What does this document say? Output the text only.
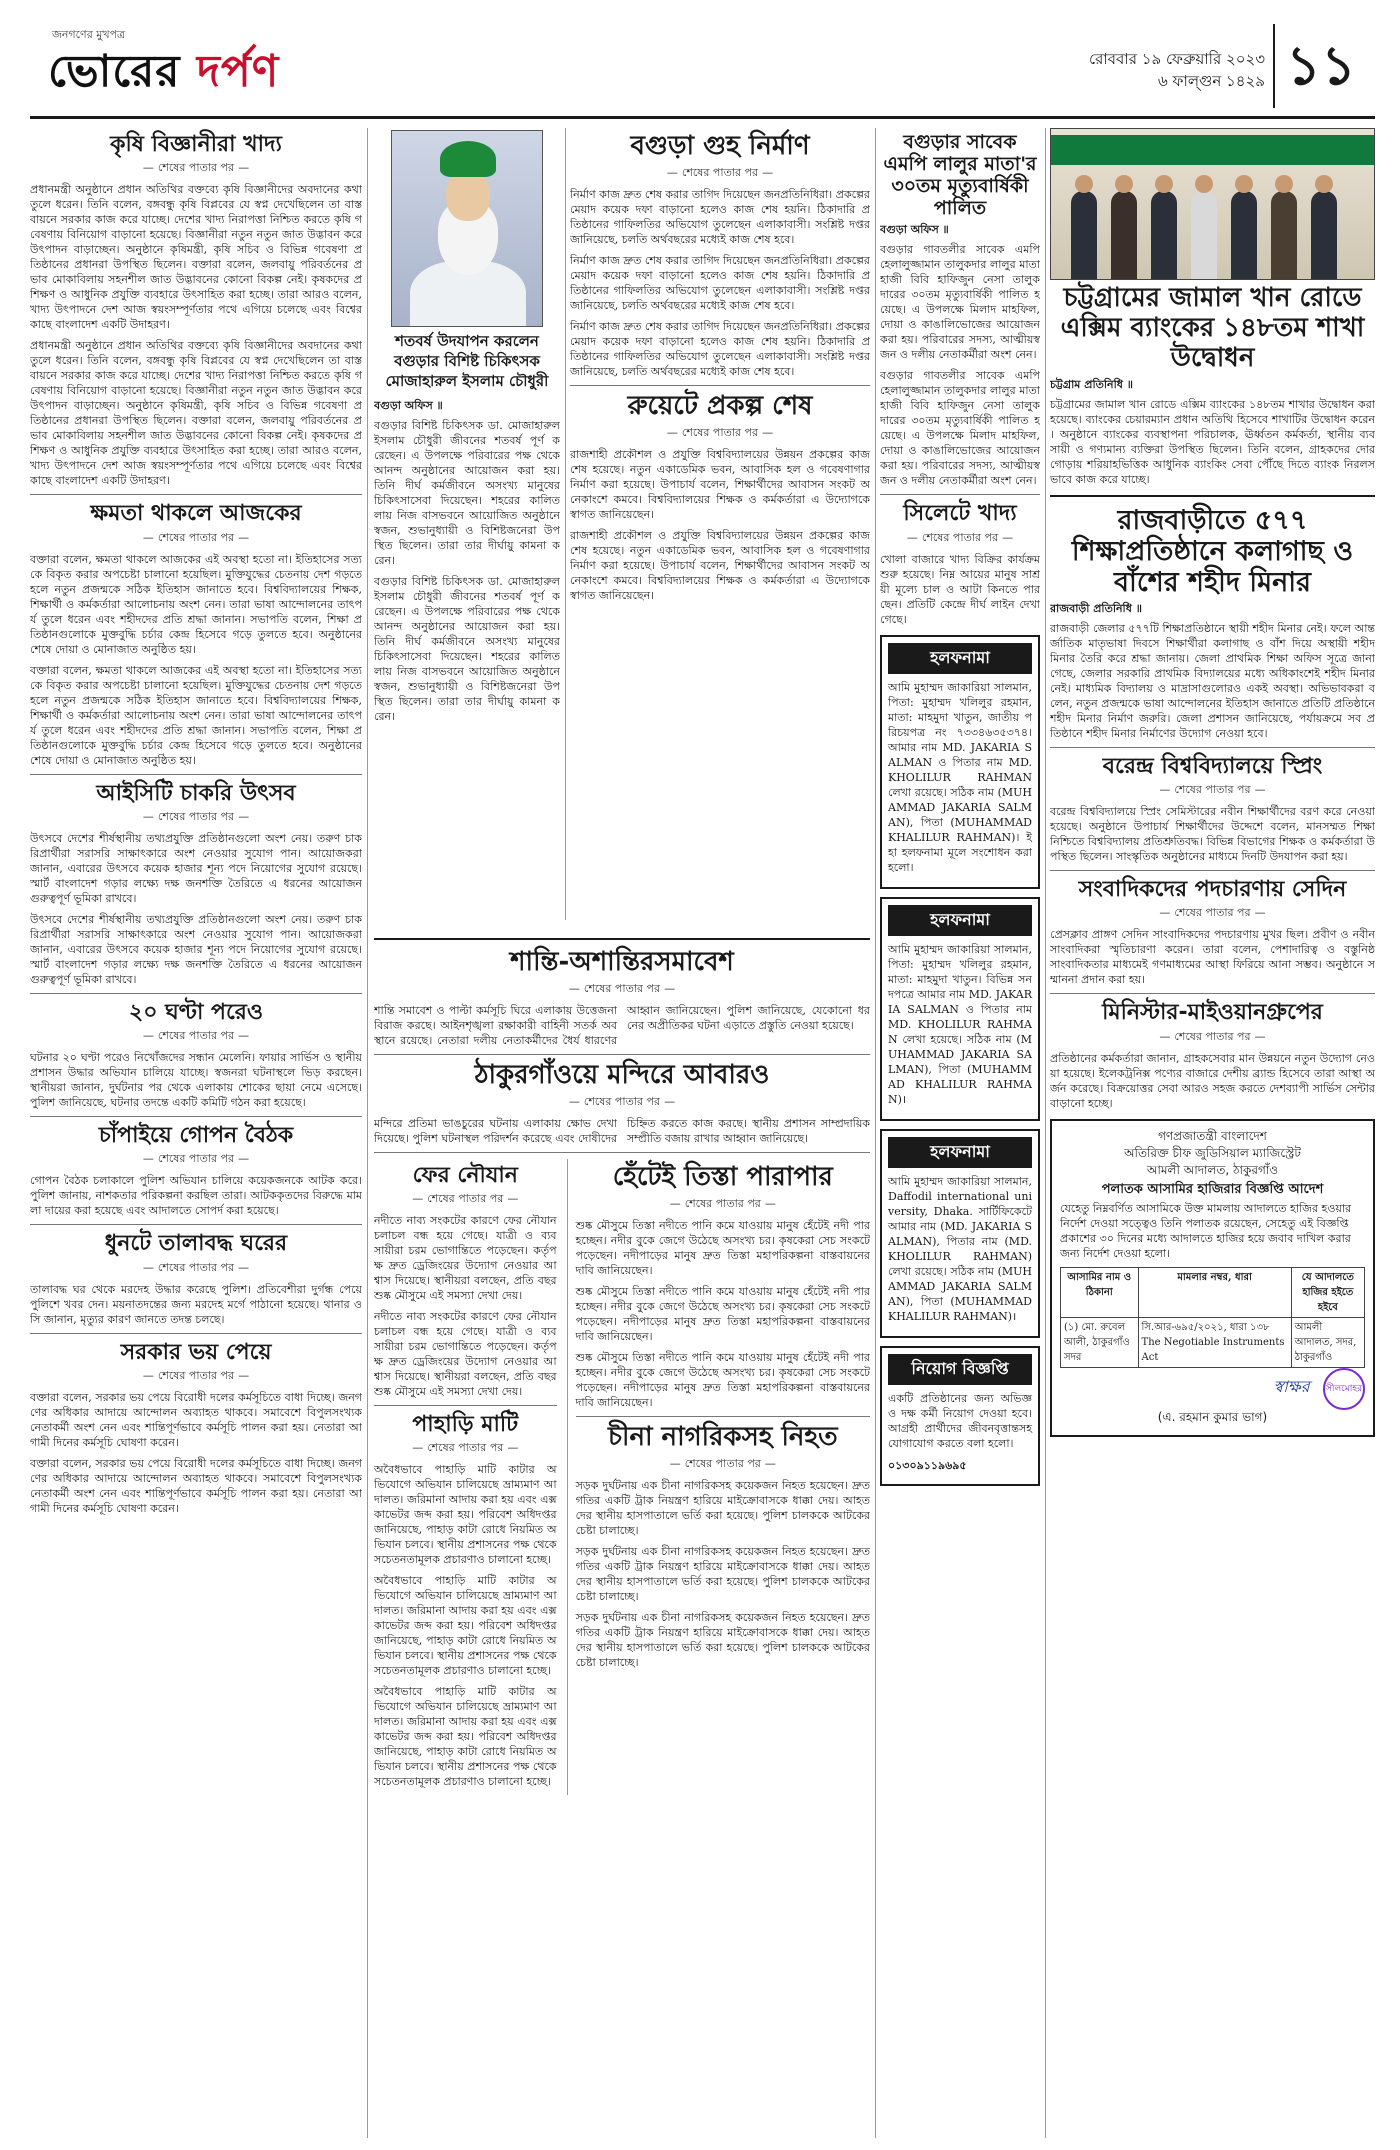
জনগণের মুখপত্র
ভোরের দর্পণ	রোববার ১৯ ফেব্রুয়ারি ২০২৩
৬ ফাল্গুন ১৪২৯ ১১
কৃষি বিজ্ঞানীরা খাদ্য
— শেষের পাতার পর —

প্রধানমন্ত্রী অনুষ্ঠানে প্রধান অতিথির বক্তব্যে কৃষি বিজ্ঞানীদের অবদানের কথা তুলে ধরেন। তিনি বলেন, বঙ্গবন্ধু কৃষি বিপ্লবের যে স্বপ্ন দেখেছিলেন তা বাস্তবায়নে সরকার কাজ করে যাচ্ছে। দেশের খাদ্য নিরাপত্তা নিশ্চিত করতে কৃষি গবেষণায় বিনিয়োগ বাড়ানো হয়েছে। বিজ্ঞানীরা নতুন নতুন জাত উদ্ভাবন করে উৎপাদন বাড়াচ্ছেন। অনুষ্ঠানে কৃষিমন্ত্রী, কৃষি সচিব ও বিভিন্ন গবেষণা প্রতিষ্ঠানের প্রধানরা উপস্থিত ছিলেন। বক্তারা বলেন, জলবায়ু পরিবর্তনের প্রভাব মোকাবিলায় সহনশীল জাত উদ্ভাবনের কোনো বিকল্প নেই। কৃষকদের প্রশিক্ষণ ও আধুনিক প্রযুক্তি ব্যবহারে উৎসাহিত করা হচ্ছে। তারা আরও বলেন, খাদ্য উৎপাদনে দেশ আজ স্বয়ংসম্পূর্ণতার পথে এগিয়ে চলেছে এবং বিশ্বের কাছে বাংলাদেশ একটি উদাহরণ।

প্রধানমন্ত্রী অনুষ্ঠানে প্রধান অতিথির বক্তব্যে কৃষি বিজ্ঞানীদের অবদানের কথা তুলে ধরেন। তিনি বলেন, বঙ্গবন্ধু কৃষি বিপ্লবের যে স্বপ্ন দেখেছিলেন তা বাস্তবায়নে সরকার কাজ করে যাচ্ছে। দেশের খাদ্য নিরাপত্তা নিশ্চিত করতে কৃষি গবেষণায় বিনিয়োগ বাড়ানো হয়েছে। বিজ্ঞানীরা নতুন নতুন জাত উদ্ভাবন করে উৎপাদন বাড়াচ্ছেন। অনুষ্ঠানে কৃষিমন্ত্রী, কৃষি সচিব ও বিভিন্ন গবেষণা প্রতিষ্ঠানের প্রধানরা উপস্থিত ছিলেন। বক্তারা বলেন, জলবায়ু পরিবর্তনের প্রভাব মোকাবিলায় সহনশীল জাত উদ্ভাবনের কোনো বিকল্প নেই। কৃষকদের প্রশিক্ষণ ও আধুনিক প্রযুক্তি ব্যবহারে উৎসাহিত করা হচ্ছে। তারা আরও বলেন, খাদ্য উৎপাদনে দেশ আজ স্বয়ংসম্পূর্ণতার পথে এগিয়ে চলেছে এবং বিশ্বের কাছে বাংলাদেশ একটি উদাহরণ।

ক্ষমতা থাকলে আজকের
— শেষের পাতার পর —

বক্তারা বলেন, ক্ষমতা থাকলে আজকের এই অবস্থা হতো না। ইতিহাসের সত্যকে বিকৃত করার অপচেষ্টা চালানো হয়েছিল। মুক্তিযুদ্ধের চেতনায় দেশ গড়তে হলে নতুন প্রজন্মকে সঠিক ইতিহাস জানাতে হবে। বিশ্ববিদ্যালয়ের শিক্ষক, শিক্ষার্থী ও কর্মকর্তারা আলোচনায় অংশ নেন। তারা ভাষা আন্দোলনের তাৎপর্য তুলে ধরেন এবং শহীদদের প্রতি শ্রদ্ধা জানান। সভাপতি বলেন, শিক্ষা প্রতিষ্ঠানগুলোকে মুক্তবুদ্ধি চর্চার কেন্দ্র হিসেবে গড়ে তুলতে হবে। অনুষ্ঠানের শেষে দোয়া ও মোনাজাত অনুষ্ঠিত হয়।

বক্তারা বলেন, ক্ষমতা থাকলে আজকের এই অবস্থা হতো না। ইতিহাসের সত্যকে বিকৃত করার অপচেষ্টা চালানো হয়েছিল। মুক্তিযুদ্ধের চেতনায় দেশ গড়তে হলে নতুন প্রজন্মকে সঠিক ইতিহাস জানাতে হবে। বিশ্ববিদ্যালয়ের শিক্ষক, শিক্ষার্থী ও কর্মকর্তারা আলোচনায় অংশ নেন। তারা ভাষা আন্দোলনের তাৎপর্য তুলে ধরেন এবং শহীদদের প্রতি শ্রদ্ধা জানান। সভাপতি বলেন, শিক্ষা প্রতিষ্ঠানগুলোকে মুক্তবুদ্ধি চর্চার কেন্দ্র হিসেবে গড়ে তুলতে হবে। অনুষ্ঠানের শেষে দোয়া ও মোনাজাত অনুষ্ঠিত হয়।

আইসিটি চাকরি উৎসব
— শেষের পাতার পর —

উৎসবে দেশের শীর্ষস্থানীয় তথ্যপ্রযুক্তি প্রতিষ্ঠানগুলো অংশ নেয়। তরুণ চাকরিপ্রার্থীরা সরাসরি সাক্ষাৎকারে অংশ নেওয়ার সুযোগ পান। আয়োজকরা জানান, এবারের উৎসবে কয়েক হাজার শূন্য পদে নিয়োগের সুযোগ রয়েছে। স্মার্ট বাংলাদেশ গড়ার লক্ষ্যে দক্ষ জনশক্তি তৈরিতে এ ধরনের আয়োজন গুরুত্বপূর্ণ ভূমিকা রাখবে।

উৎসবে দেশের শীর্ষস্থানীয় তথ্যপ্রযুক্তি প্রতিষ্ঠানগুলো অংশ নেয়। তরুণ চাকরিপ্রার্থীরা সরাসরি সাক্ষাৎকারে অংশ নেওয়ার সুযোগ পান। আয়োজকরা জানান, এবারের উৎসবে কয়েক হাজার শূন্য পদে নিয়োগের সুযোগ রয়েছে। স্মার্ট বাংলাদেশ গড়ার লক্ষ্যে দক্ষ জনশক্তি তৈরিতে এ ধরনের আয়োজন গুরুত্বপূর্ণ ভূমিকা রাখবে।

২০ ঘণ্টা পরেও
— শেষের পাতার পর —

ঘটনার ২০ ঘণ্টা পরেও নিখোঁজদের সন্ধান মেলেনি। ফায়ার সার্ভিস ও স্থানীয় প্রশাসন উদ্ধার অভিযান চালিয়ে যাচ্ছে। স্বজনরা ঘটনাস্থলে ভিড় করছেন। স্থানীয়রা জানান, দুর্ঘটনার পর থেকে এলাকায় শোকের ছায়া নেমে এসেছে। পুলিশ জানিয়েছে, ঘটনার তদন্তে একটি কমিটি গঠন করা হয়েছে।

চাঁপাইয়ে গোপন বৈঠক
— শেষের পাতার পর —

গোপন বৈঠক চলাকালে পুলিশ অভিযান চালিয়ে কয়েকজনকে আটক করে। পুলিশ জানায়, নাশকতার পরিকল্পনা করছিল তারা। আটককৃতদের বিরুদ্ধে মামলা দায়ের করা হয়েছে এবং আদালতে সোপর্দ করা হয়েছে।

ধুনটে তালাবদ্ধ ঘরের
— শেষের পাতার পর —

তালাবদ্ধ ঘর থেকে মরদেহ উদ্ধার করেছে পুলিশ। প্রতিবেশীরা দুর্গন্ধ পেয়ে পুলিশে খবর দেন। ময়নাতদন্তের জন্য মরদেহ মর্গে পাঠানো হয়েছে। থানার ওসি জানান, মৃত্যুর কারণ জানতে তদন্ত চলছে।

সরকার ভয় পেয়ে
— শেষের পাতার পর —

বক্তারা বলেন, সরকার ভয় পেয়ে বিরোধী দলের কর্মসূচিতে বাধা দিচ্ছে। জনগণের অধিকার আদায়ে আন্দোলন অব্যাহত থাকবে। সমাবেশে বিপুলসংখ্যক নেতাকর্মী অংশ নেন এবং শান্তিপূর্ণভাবে কর্মসূচি পালন করা হয়। নেতারা আগামী দিনের কর্মসূচি ঘোষণা করেন।

বক্তারা বলেন, সরকার ভয় পেয়ে বিরোধী দলের কর্মসূচিতে বাধা দিচ্ছে। জনগণের অধিকার আদায়ে আন্দোলন অব্যাহত থাকবে। সমাবেশে বিপুলসংখ্যক নেতাকর্মী অংশ নেন এবং শান্তিপূর্ণভাবে কর্মসূচি পালন করা হয়। নেতারা আগামী দিনের কর্মসূচি ঘোষণা করেন।

শতবর্ষ উদযাপন করলেন বগুড়ার বিশিষ্ট চিকিৎসক মোজাহারুল ইসলাম চৌধুরী
বগুড়া অফিস ॥

বগুড়ার বিশিষ্ট চিকিৎসক ডা. মোজাহারুল ইসলাম চৌধুরী জীবনের শতবর্ষ পূর্ণ করেছেন। এ উপলক্ষে পরিবারের পক্ষ থেকে আনন্দ অনুষ্ঠানের আয়োজন করা হয়। তিনি দীর্ঘ কর্মজীবনে অসংখ্য মানুষের চিকিৎসাসেবা দিয়েছেন। শহরের কালিতলায় নিজ বাসভবনে আয়োজিত অনুষ্ঠানে স্বজন, শুভানুধ্যায়ী ও বিশিষ্টজনেরা উপস্থিত ছিলেন। তারা তার দীর্ঘায়ু কামনা করেন।

বগুড়ার বিশিষ্ট চিকিৎসক ডা. মোজাহারুল ইসলাম চৌধুরী জীবনের শতবর্ষ পূর্ণ করেছেন। এ উপলক্ষে পরিবারের পক্ষ থেকে আনন্দ অনুষ্ঠানের আয়োজন করা হয়। তিনি দীর্ঘ কর্মজীবনে অসংখ্য মানুষের চিকিৎসাসেবা দিয়েছেন। শহরের কালিতলায় নিজ বাসভবনে আয়োজিত অনুষ্ঠানে স্বজন, শুভানুধ্যায়ী ও বিশিষ্টজনেরা উপস্থিত ছিলেন। তারা তার দীর্ঘায়ু কামনা করেন।

বগুড়া গুহ নির্মাণ
— শেষের পাতার পর —

নির্মাণ কাজ দ্রুত শেষ করার তাগিদ দিয়েছেন জনপ্রতিনিধিরা। প্রকল্পের মেয়াদ কয়েক দফা বাড়ানো হলেও কাজ শেষ হয়নি। ঠিকাদারি প্রতিষ্ঠানের গাফিলতির অভিযোগ তুলেছেন এলাকাবাসী। সংশ্লিষ্ট দপ্তর জানিয়েছে, চলতি অর্থবছরের মধ্যেই কাজ শেষ হবে।

নির্মাণ কাজ দ্রুত শেষ করার তাগিদ দিয়েছেন জনপ্রতিনিধিরা। প্রকল্পের মেয়াদ কয়েক দফা বাড়ানো হলেও কাজ শেষ হয়নি। ঠিকাদারি প্রতিষ্ঠানের গাফিলতির অভিযোগ তুলেছেন এলাকাবাসী। সংশ্লিষ্ট দপ্তর জানিয়েছে, চলতি অর্থবছরের মধ্যেই কাজ শেষ হবে।

নির্মাণ কাজ দ্রুত শেষ করার তাগিদ দিয়েছেন জনপ্রতিনিধিরা। প্রকল্পের মেয়াদ কয়েক দফা বাড়ানো হলেও কাজ শেষ হয়নি। ঠিকাদারি প্রতিষ্ঠানের গাফিলতির অভিযোগ তুলেছেন এলাকাবাসী। সংশ্লিষ্ট দপ্তর জানিয়েছে, চলতি অর্থবছরের মধ্যেই কাজ শেষ হবে।

রুয়েটে প্রকল্প শেষ
— শেষের পাতার পর —

রাজশাহী প্রকৌশল ও প্রযুক্তি বিশ্ববিদ্যালয়ের উন্নয়ন প্রকল্পের কাজ শেষ হয়েছে। নতুন একাডেমিক ভবন, আবাসিক হল ও গবেষণাগার নির্মাণ করা হয়েছে। উপাচার্য বলেন, শিক্ষার্থীদের আবাসন সংকট অনেকাংশে কমবে। বিশ্ববিদ্যালয়ের শিক্ষক ও কর্মকর্তারা এ উদ্যোগকে স্বাগত জানিয়েছেন।

রাজশাহী প্রকৌশল ও প্রযুক্তি বিশ্ববিদ্যালয়ের উন্নয়ন প্রকল্পের কাজ শেষ হয়েছে। নতুন একাডেমিক ভবন, আবাসিক হল ও গবেষণাগার নির্মাণ করা হয়েছে। উপাচার্য বলেন, শিক্ষার্থীদের আবাসন সংকট অনেকাংশে কমবে। বিশ্ববিদ্যালয়ের শিক্ষক ও কর্মকর্তারা এ উদ্যোগকে স্বাগত জানিয়েছেন।

শান্তি-অশান্তিরসমাবেশ
— শেষের পাতার পর —

শান্তি সমাবেশ ও পাল্টা কর্মসূচি ঘিরে এলাকায় উত্তেজনা বিরাজ করছে। আইনশৃঙ্খলা রক্ষাকারী বাহিনী সতর্ক অবস্থানে রয়েছে। নেতারা দলীয় নেতাকর্মীদের ধৈর্য ধারণের আহ্বান জানিয়েছেন। পুলিশ জানিয়েছে, যেকোনো ধরনের অপ্রীতিকর ঘটনা এড়াতে প্রস্তুতি নেওয়া হয়েছে।

ঠাকুরগাঁওয়ে মন্দিরে আবারও
— শেষের পাতার পর —

মন্দিরে প্রতিমা ভাঙচুরের ঘটনায় এলাকায় ক্ষোভ দেখা দিয়েছে। পুলিশ ঘটনাস্থল পরিদর্শন করেছে এবং দোষীদের চিহ্নিত করতে কাজ করছে। স্থানীয় প্রশাসন সাম্প্রদায়িক সম্প্রীতি বজায় রাখার আহ্বান জানিয়েছে।

ফের নৌযান
— শেষের পাতার পর —

নদীতে নাব্য সংকটের কারণে ফের নৌযান চলাচল বন্ধ হয়ে গেছে। যাত্রী ও ব্যবসায়ীরা চরম ভোগান্তিতে পড়েছেন। কর্তৃপক্ষ দ্রুত ড্রেজিংয়ের উদ্যোগ নেওয়ার আশ্বাস দিয়েছে। স্থানীয়রা বলছেন, প্রতি বছর শুষ্ক মৌসুমে এই সমস্যা দেখা দেয়।

নদীতে নাব্য সংকটের কারণে ফের নৌযান চলাচল বন্ধ হয়ে গেছে। যাত্রী ও ব্যবসায়ীরা চরম ভোগান্তিতে পড়েছেন। কর্তৃপক্ষ দ্রুত ড্রেজিংয়ের উদ্যোগ নেওয়ার আশ্বাস দিয়েছে। স্থানীয়রা বলছেন, প্রতি বছর শুষ্ক মৌসুমে এই সমস্যা দেখা দেয়।

পাহাড়ি মাটি
— শেষের পাতার পর —

অবৈধভাবে পাহাড়ি মাটি কাটার অভিযোগে অভিযান চালিয়েছে ভ্রাম্যমাণ আদালত। জরিমানা আদায় করা হয় এবং এক্সকাভেটর জব্দ করা হয়। পরিবেশ অধিদপ্তর জানিয়েছে, পাহাড় কাটা রোধে নিয়মিত অভিযান চলবে। স্থানীয় প্রশাসনের পক্ষ থেকে সচেতনতামূলক প্রচারণাও চালানো হচ্ছে।

অবৈধভাবে পাহাড়ি মাটি কাটার অভিযোগে অভিযান চালিয়েছে ভ্রাম্যমাণ আদালত। জরিমানা আদায় করা হয় এবং এক্সকাভেটর জব্দ করা হয়। পরিবেশ অধিদপ্তর জানিয়েছে, পাহাড় কাটা রোধে নিয়মিত অভিযান চলবে। স্থানীয় প্রশাসনের পক্ষ থেকে সচেতনতামূলক প্রচারণাও চালানো হচ্ছে।

অবৈধভাবে পাহাড়ি মাটি কাটার অভিযোগে অভিযান চালিয়েছে ভ্রাম্যমাণ আদালত। জরিমানা আদায় করা হয় এবং এক্সকাভেটর জব্দ করা হয়। পরিবেশ অধিদপ্তর জানিয়েছে, পাহাড় কাটা রোধে নিয়মিত অভিযান চলবে। স্থানীয় প্রশাসনের পক্ষ থেকে সচেতনতামূলক প্রচারণাও চালানো হচ্ছে।

হেঁটেই তিস্তা পারাপার
— শেষের পাতার পর —

শুষ্ক মৌসুমে তিস্তা নদীতে পানি কমে যাওয়ায় মানুষ হেঁটেই নদী পার হচ্ছেন। নদীর বুকে জেগে উঠেছে অসংখ্য চর। কৃষকেরা সেচ সংকটে পড়েছেন। নদীপাড়ের মানুষ দ্রুত তিস্তা মহাপরিকল্পনা বাস্তবায়নের দাবি জানিয়েছেন।

শুষ্ক মৌসুমে তিস্তা নদীতে পানি কমে যাওয়ায় মানুষ হেঁটেই নদী পার হচ্ছেন। নদীর বুকে জেগে উঠেছে অসংখ্য চর। কৃষকেরা সেচ সংকটে পড়েছেন। নদীপাড়ের মানুষ দ্রুত তিস্তা মহাপরিকল্পনা বাস্তবায়নের দাবি জানিয়েছেন।

শুষ্ক মৌসুমে তিস্তা নদীতে পানি কমে যাওয়ায় মানুষ হেঁটেই নদী পার হচ্ছেন। নদীর বুকে জেগে উঠেছে অসংখ্য চর। কৃষকেরা সেচ সংকটে পড়েছেন। নদীপাড়ের মানুষ দ্রুত তিস্তা মহাপরিকল্পনা বাস্তবায়নের দাবি জানিয়েছেন।

চীনা নাগরিকসহ নিহত
— শেষের পাতার পর —

সড়ক দুর্ঘটনায় এক চীনা নাগরিকসহ কয়েকজন নিহত হয়েছেন। দ্রুতগতির একটি ট্রাক নিয়ন্ত্রণ হারিয়ে মাইক্রোবাসকে ধাক্কা দেয়। আহতদের স্থানীয় হাসপাতালে ভর্তি করা হয়েছে। পুলিশ চালককে আটকের চেষ্টা চালাচ্ছে।

সড়ক দুর্ঘটনায় এক চীনা নাগরিকসহ কয়েকজন নিহত হয়েছেন। দ্রুতগতির একটি ট্রাক নিয়ন্ত্রণ হারিয়ে মাইক্রোবাসকে ধাক্কা দেয়। আহতদের স্থানীয় হাসপাতালে ভর্তি করা হয়েছে। পুলিশ চালককে আটকের চেষ্টা চালাচ্ছে।

সড়ক দুর্ঘটনায় এক চীনা নাগরিকসহ কয়েকজন নিহত হয়েছেন। দ্রুতগতির একটি ট্রাক নিয়ন্ত্রণ হারিয়ে মাইক্রোবাসকে ধাক্কা দেয়। আহতদের স্থানীয় হাসপাতালে ভর্তি করা হয়েছে। পুলিশ চালককে আটকের চেষ্টা চালাচ্ছে।

বগুড়ার সাবেক এমপি লালুর মাতা'র ৩০তম মৃত্যুবার্ষিকী পালিত
বগুড়া অফিস ॥

বগুড়ার গাবতলীর সাবেক এমপি হেলালুজ্জামান তালুকদার লালুর মাতা হাজী বিবি হাফিজুন নেসা তালুকদারের ৩০তম মৃত্যুবার্ষিকী পালিত হয়েছে। এ উপলক্ষে মিলাদ মাহফিল, দোয়া ও কাঙালিভোজের আয়োজন করা হয়। পরিবারের সদস্য, আত্মীয়স্বজন ও দলীয় নেতাকর্মীরা অংশ নেন।

বগুড়ার গাবতলীর সাবেক এমপি হেলালুজ্জামান তালুকদার লালুর মাতা হাজী বিবি হাফিজুন নেসা তালুকদারের ৩০তম মৃত্যুবার্ষিকী পালিত হয়েছে। এ উপলক্ষে মিলাদ মাহফিল, দোয়া ও কাঙালিভোজের আয়োজন করা হয়। পরিবারের সদস্য, আত্মীয়স্বজন ও দলীয় নেতাকর্মীরা অংশ নেন।

সিলেটে খাদ্য
— শেষের পাতার পর —

খোলা বাজারে খাদ্য বিক্রির কার্যক্রম শুরু হয়েছে। নিম্ন আয়ের মানুষ সাশ্রয়ী মূল্যে চাল ও আটা কিনতে পারছেন। প্রতিটি কেন্দ্রে দীর্ঘ লাইন দেখা গেছে।

হলফনামা

আমি মুহাম্মদ জাকারিয়া সালমান, পিতা: মুহাম্মদ খলিলুর রহমান, মাতা: মাহমুদা খাতুন, জাতীয় পরিচয়পত্র নং ৭৩৩৪৬৩৫৩৭৪। আমার নাম MD. JAKARIA SALMAN ও পিতার নাম MD. KHOLILUR RAHMAN লেখা রয়েছে। সঠিক নাম (MUHAMMAD JAKARIA SALMAN), পিতা (MUHAMMAD KHALILUR RAHMAN)। ইহা হলফনামা মূলে সংশোধন করা হলো।

হলফনামা

আমি মুহাম্মদ জাকারিয়া সালমান, পিতা: মুহাম্মদ খলিলুর রহমান, মাতা: মাহমুদা খাতুন। বিভিন্ন সনদপত্রে আমার নাম MD. JAKARIA SALMAN ও পিতার নাম MD. KHOLILUR RAHMAN লেখা হয়েছে। সঠিক নাম (MUHAMMAD JAKARIA SALMAN), পিতা (MUHAMMAD KHALILUR RAHMAN)।

হলফনামা

আমি মুহাম্মদ জাকারিয়া সালমান, Daffodil international university, Dhaka. সার্টিফিকেটে আমার নাম (MD. JAKARIA SALMAN), পিতার নাম (MD. KHOLILUR RAHMAN) লেখা রয়েছে। সঠিক নাম (MUHAMMAD JAKARIA SALMAN), পিতা (MUHAMMAD KHALILUR RAHMAN)।

নিয়োগ বিজ্ঞপ্তি

একটি প্রতিষ্ঠানের জন্য অভিজ্ঞ ও দক্ষ কর্মী নিয়োগ দেওয়া হবে। আগ্রহী প্রার্থীদের জীবনবৃত্তান্তসহ যোগাযোগ করতে বলা হলো।

০১৩০৯১১৯৬৯৫
চট্টগ্রামের জামাল খান রোডে এক্সিম ব্যাংকের ১৪৮তম শাখা উদ্বোধন
চট্টগ্রাম প্রতিনিধি ॥

চট্টগ্রামের জামাল খান রোডে এক্সিম ব্যাংকের ১৪৮তম শাখার উদ্বোধন করা হয়েছে। ব্যাংকের চেয়ারম্যান প্রধান অতিথি হিসেবে শাখাটির উদ্বোধন করেন। অনুষ্ঠানে ব্যাংকের ব্যবস্থাপনা পরিচালক, ঊর্ধ্বতন কর্মকর্তা, স্থানীয় ব্যবসায়ী ও গণ্যমান্য ব্যক্তিরা উপস্থিত ছিলেন। তিনি বলেন, গ্রাহকদের দোরগোড়ায় শরিয়াহভিত্তিক আধুনিক ব্যাংকিং সেবা পৌঁছে দিতে ব্যাংক নিরলসভাবে কাজ করে যাচ্ছে।

রাজবাড়ীতে ৫৭৭ শিক্ষাপ্রতিষ্ঠানে কলাগাছ ও বাঁশের শহীদ মিনার
রাজবাড়ী প্রতিনিধি ॥

রাজবাড়ী জেলার ৫৭৭টি শিক্ষাপ্রতিষ্ঠানে স্থায়ী শহীদ মিনার নেই। ফলে আন্তর্জাতিক মাতৃভাষা দিবসে শিক্ষার্থীরা কলাগাছ ও বাঁশ দিয়ে অস্থায়ী শহীদ মিনার তৈরি করে শ্রদ্ধা জানায়। জেলা প্রাথমিক শিক্ষা অফিস সূত্রে জানা গেছে, জেলার সরকারি প্রাথমিক বিদ্যালয়ের মধ্যে অধিকাংশেই শহীদ মিনার নেই। মাধ্যমিক বিদ্যালয় ও মাদ্রাসাগুলোরও একই অবস্থা। অভিভাবকরা বলেন, নতুন প্রজন্মকে ভাষা আন্দোলনের ইতিহাস জানাতে প্রতিটি প্রতিষ্ঠানে শহীদ মিনার নির্মাণ জরুরি। জেলা প্রশাসন জানিয়েছে, পর্যায়ক্রমে সব প্রতিষ্ঠানে শহীদ মিনার নির্মাণের উদ্যোগ নেওয়া হবে।

বরেন্দ্র বিশ্ববিদ্যালয়ে স্প্রিং
— শেষের পাতার পর —

বরেন্দ্র বিশ্ববিদ্যালয়ে স্প্রিং সেমিস্টারের নবীন শিক্ষার্থীদের বরণ করে নেওয়া হয়েছে। অনুষ্ঠানে উপাচার্য শিক্ষার্থীদের উদ্দেশে বলেন, মানসম্মত শিক্ষা নিশ্চিতে বিশ্ববিদ্যালয় প্রতিশ্রুতিবদ্ধ। বিভিন্ন বিভাগের শিক্ষক ও কর্মকর্তারা উপস্থিত ছিলেন। সাংস্কৃতিক অনুষ্ঠানের মাধ্যমে দিনটি উদযাপন করা হয়।

সংবাদিকদের পদচারণায় সেদিন
— শেষের পাতার পর —

প্রেসক্লাব প্রাঙ্গণ সেদিন সাংবাদিকদের পদচারণায় মুখর ছিল। প্রবীণ ও নবীন সাংবাদিকরা স্মৃতিচারণা করেন। তারা বলেন, পেশাদারিত্ব ও বস্তুনিষ্ঠ সাংবাদিকতার মাধ্যমেই গণমাধ্যমের আস্থা ফিরিয়ে আনা সম্ভব। অনুষ্ঠানে সম্মাননা প্রদান করা হয়।

মিনিস্টার-মাইওয়ানগ্রুপের
— শেষের পাতার পর —

প্রতিষ্ঠানের কর্মকর্তারা জানান, গ্রাহকসেবার মান উন্নয়নে নতুন উদ্যোগ নেওয়া হয়েছে। ইলেকট্রনিক্স পণ্যের বাজারে দেশীয় ব্র্যান্ড হিসেবে তারা আস্থা অর্জন করেছে। বিক্রয়োত্তর সেবা আরও সহজ করতে দেশব্যাপী সার্ভিস সেন্টার বাড়ানো হচ্ছে।

গণপ্রজাতন্ত্রী বাংলাদেশ
অতিরিক্ত চীফ জুডিসিয়াল ম্যাজিস্ট্রেট
আমলী আদালত, ঠাকুরগাঁও
পলাতক আসামির হাজিরার বিজ্ঞপ্তি আদেশ
যেহেতু নিম্নবর্ণিত আসামিকে উক্ত মামলায় আদালতে হাজির হওয়ার নির্দেশ দেওয়া সত্ত্বেও তিনি পলাতক রয়েছেন, সেহেতু এই বিজ্ঞপ্তি প্রকাশের ৩০ দিনের মধ্যে আদালতে হাজির হয়ে জবাব দাখিল করার জন্য নির্দেশ দেওয়া হলো।
আসামির নাম ও ঠিকানা	মামলার নম্বর, ধারা	যে আদালতে হাজির হইতে হইবে
(১) মো. রুবেল আলী, ঠাকুরগাঁও সদর	সি.আর-৬৯৫/২০২১, ধারা ১৩৮ The Negotiable Instruments Act	আমলী আদালত, সদর, ঠাকুরগাঁও
স্বাক্ষর সীলমোহর
(এ. রহমান কুমার ভাগ)
